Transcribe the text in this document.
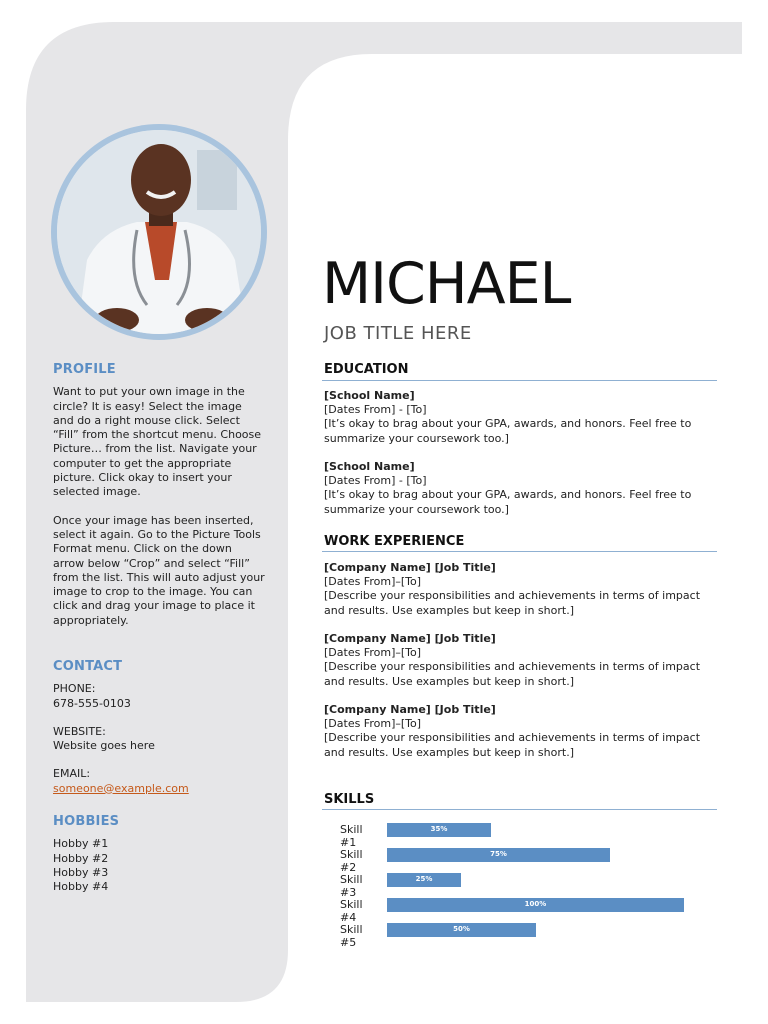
PROFILE
Want to put your own image in the
circle? It is easy! Select the image
and do a right mouse click. Select
“Fill” from the shortcut menu. Choose
Picture… from the list. Navigate your
computer to get the appropriate
picture. Click okay to insert your
selected image.
Once your image has been inserted,
select it again. Go to the Picture Tools
Format menu. Click on the down
arrow below “Crop” and select “Fill”
from the list. This will auto adjust your
image to crop to the image. You can
click and drag your image to place it
appropriately.
CONTACT
PHONE:
678-555-0103
WEBSITE:
Website goes here
EMAIL:
someone@example.com
HOBBIES
Hobby #1
Hobby #2
Hobby #3
Hobby #4
MICHAEL
JOB TITLE HERE
EDUCATION
[School Name]
[Dates From] - [To]
[It’s okay to brag about your GPA, awards, and honors. Feel free to summarize your coursework too.]
[School Name]
[Dates From] - [To]
[It’s okay to brag about your GPA, awards, and honors. Feel free to summarize your coursework too.]
WORK EXPERIENCE
[Company Name] [Job Title]
[Dates From]–[To]
[Describe your responsibilities and achievements in terms of impact and results. Use examples but keep in short.]
[Company Name] [Job Title]
[Dates From]–[To]
[Describe your responsibilities and achievements in terms of impact and results. Use examples but keep in short.]
[Company Name] [Job Title]
[Dates From]–[To]
[Describe your responsibilities and achievements in terms of impact and results. Use examples but keep in short.]
SKILLS
Skill #1
35%
Skill #2
75%
Skill #3
25%
Skill #4
100%
Skill #5
50%
